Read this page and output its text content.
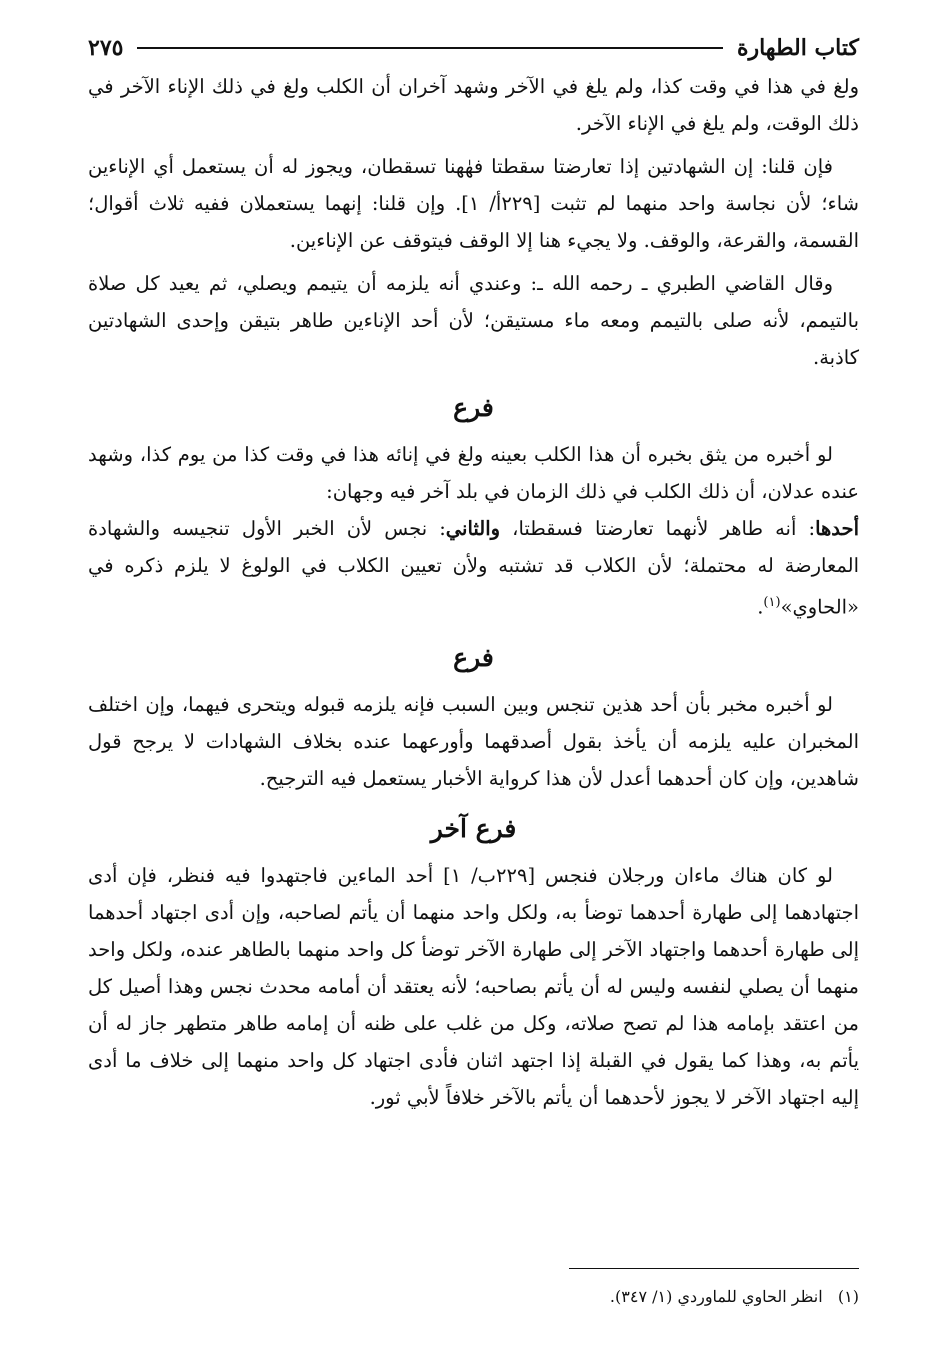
كتاب الطهارة
٢٧٥

ولغ في هذا في وقت كذا، ولم يلغ في الآخر وشهد آخران أن الكلب ولغ في ذلك الإناء الآخر في ذلك الوقت، ولم يلغ في الإناء الآخر.

فإن قلنا: إن الشهادتين إذا تعارضتا سقطتا فهٰهنا تسقطان، ويجوز له أن يستعمل أي الإناءين شاء؛ لأن نجاسة واحد منهما لم تثبت [٢٢٩أ/ ١]. وإن قلنا: إنهما يستعملان ففيه ثلاث أقوال؛ القسمة، والقرعة، والوقف. ولا يجيء هنا إلا الوقف فيتوقف عن الإناءين.

وقال القاضي الطبري ـ رحمه الله ـ: وعندي أنه يلزمه أن يتيمم ويصلي، ثم يعيد كل صلاة بالتيمم، لأنه صلى بالتيمم ومعه ماء مستيقن؛ لأن أحد الإناءين طاهر بتيقن وإحدى الشهادتين كاذبة.

فرع

لو أخبره من يثق بخبره أن هذا الكلب بعينه ولغ في إنائه هذا في وقت كذا من يوم كذا، وشهد عنده عدلان، أن ذلك الكلب في ذلك الزمان في بلد آخر فيه وجهان:

أحدها: أنه طاهر لأنهما تعارضتا فسقطتا، والثاني: نجس لأن الخبر الأول تنجيسه والشهادة المعارضة له محتملة؛ لأن الكلاب قد تشتبه ولأن تعيين الكلاب في الولوغ لا يلزم ذكره في «الحاوي»$^{(١)}$.

فرع

لو أخبره مخبر بأن أحد هذين تنجس وبين السبب فإنه يلزمه قبوله ويتحرى فيهما، وإن اختلف المخبران عليه يلزمه أن يأخذ بقول أصدقهما وأورعهما عنده بخلاف الشهادات لا يرجح قول شاهدين، وإن كان أحدهما أعدل لأن هذا كرواية الأخبار يستعمل فيه الترجيح.

فرع آخر

لو كان هناك ماءان ورجلان فنجس [٢٢٩ب/ ١] أحد الماءين فاجتهدوا فيه فنظر، فإن أدى اجتهادهما إلى طهارة أحدهما توضأ به، ولكل واحد منهما أن يأتم لصاحبه، وإن أدى اجتهاد أحدهما إلى طهارة أحدهما واجتهاد الآخر إلى طهارة الآخر توضأ كل واحد منهما بالطاهر عنده، ولكل واحد منهما أن يصلي لنفسه وليس له أن يأتم بصاحبه؛ لأنه يعتقد أن أمامه محدث نجس وهذا أصيل كل من اعتقد بإمامه هذا لم تصح صلاته، وكل من غلب على ظنه أن إمامه طاهر متطهر جاز له أن يأتم به، وهذا كما يقول في القبلة إذا اجتهد اثنان فأدى اجتهاد كل واحد منهما إلى خلاف ما أدى إليه اجتهاد الآخر لا يجوز لأحدهما أن يأتم بالآخر خلافاً لأبي ثور.

(١)   انظر الحاوي للماوردي (١/ ٣٤٧).
